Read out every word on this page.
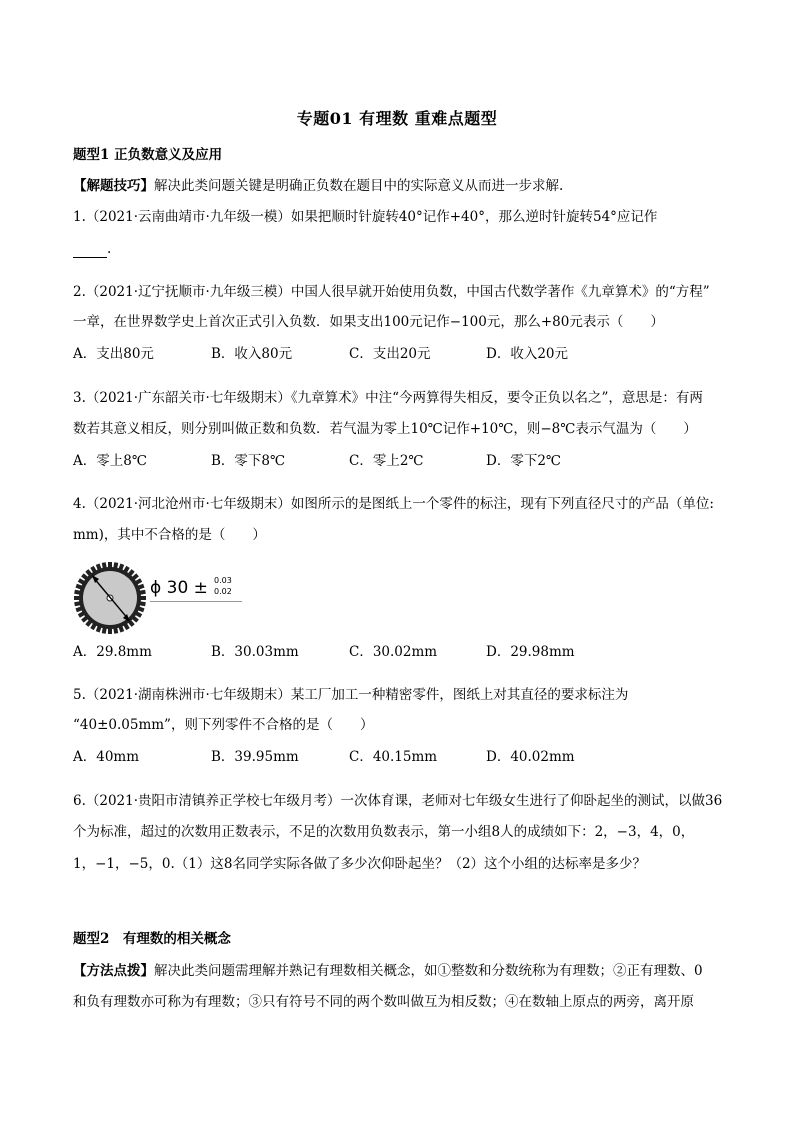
专题01 有理数 重难点题型
题型1 正负数意义及应用
【解题技巧】解决此类问题关键是明确正负数在题目中的实际意义从而进一步求解.
1.（2021·云南曲靖市·九年级一模）如果把顺时针旋转40°记作+40°，那么逆时针旋转54°应记作
.
2.（2021·辽宁抚顺市·九年级三模）中国人很早就开始使用负数，中国古代数学著作《九章算术》的“方程”
一章，在世界数学史上首次正式引入负数．如果支出100元记作−100元，那么+80元表示（　　）
A．支出80元	B．收入80元	C．支出20元	D．收入20元
3.（2021·广东韶关市·七年级期末）《九章算术》中注“今两算得失相反，要令正负以名之”，意思是：有两
数若其意义相反，则分别叫做正数和负数．若气温为零上10℃记作+10℃，则−8℃表示气温为（　　）
A．零上8℃	B．零下8℃	C．零上2℃	D．零下2℃
4.（2021·河北沧州市·七年级期末）如图所示的是图纸上一个零件的标注，现有下列直径尺寸的产品（单位:
mm)，其中不合格的是（　　）
ϕ 30 ± 0.03
0.02
A．29.8mm	B．30.03mm	C．30.02mm	D．29.98mm
5.（2021·湖南株洲市·七年级期末）某工厂加工一种精密零件，图纸上对其直径的要求标注为
“40±0.05mm”，则下列零件不合格的是（　　）
A．40mm	B．39.95mm	C．40.15mm	D．40.02mm
6.（2021·贵阳市清镇养正学校七年级月考）一次体育课，老师对七年级女生进行了仰卧起坐的测试，以做36
个为标准，超过的次数用正数表示，不足的次数用负数表示，第一小组8人的成绩如下：2，−3，4，0，
1，−1，−5，0.（1）这8名同学实际各做了多少次仰卧起坐？（2）这个小组的达标率是多少？
题型2　有理数的相关概念
【方法点拨】解决此类问题需理解并熟记有理数相关概念，如①整数和分数统称为有理数；②正有理数、0
和负有理数亦可称为有理数；③只有符号不同的两个数叫做互为相反数；④在数轴上原点的两旁，离开原
